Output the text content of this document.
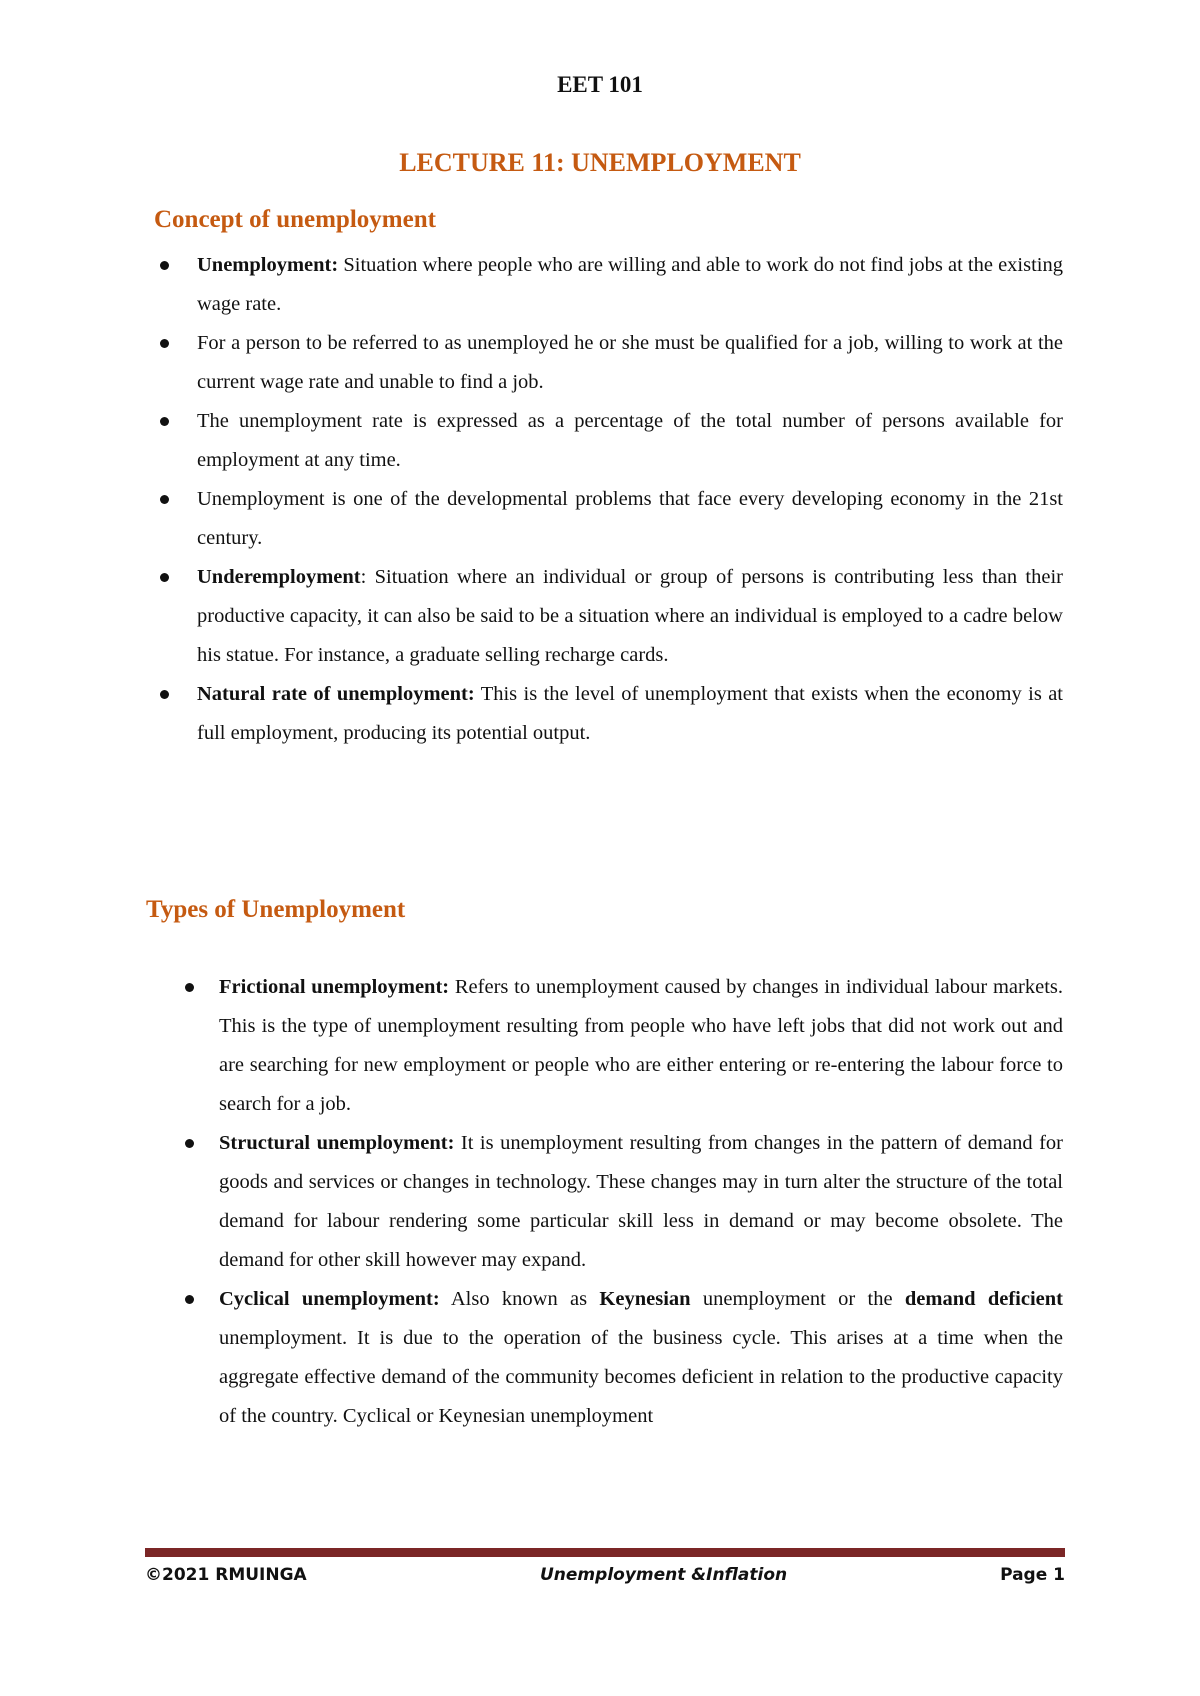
EET 101
LECTURE 11: UNEMPLOYMENT
Concept of unemployment
Unemployment: Situation where people who are willing and able to work do not find jobs at the existing wage rate.
For a person to be referred to as unemployed he or she must be qualified for a job, willing to work at the current wage rate and unable to find a job.
The unemployment rate is expressed as a percentage of the total number of persons available for employment at any time.
Unemployment is one of the developmental problems that face every developing economy in the 21st century.
Underemployment: Situation where an individual or group of persons is contributing less than their productive capacity, it can also be said to be a situation where an individual is employed to a cadre below his statue. For instance, a graduate selling recharge cards.
Natural rate of unemployment: This is the level of unemployment that exists when the economy is at full employment, producing its potential output.
Types of Unemployment
Frictional unemployment: Refers to unemployment caused by changes in individual labour markets. This is the type of unemployment resulting from people who have left jobs that did not work out and are searching for new employment or people who are either entering or re-entering the labour force to search for a job.
Structural unemployment: It is unemployment resulting from changes in the pattern of demand for goods and services or changes in technology. These changes may in turn alter the structure of the total demand for labour rendering some particular skill less in demand or may become obsolete. The demand for other skill however may expand.
Cyclical unemployment: Also known as Keynesian unemployment or the demand deficient unemployment. It is due to the operation of the business cycle. This arises at a time when the aggregate effective demand of the community becomes deficient in relation to the productive capacity of the country. Cyclical or Keynesian unemployment
©2021 RMUINGA	Unemployment &Inflation	Page 1
